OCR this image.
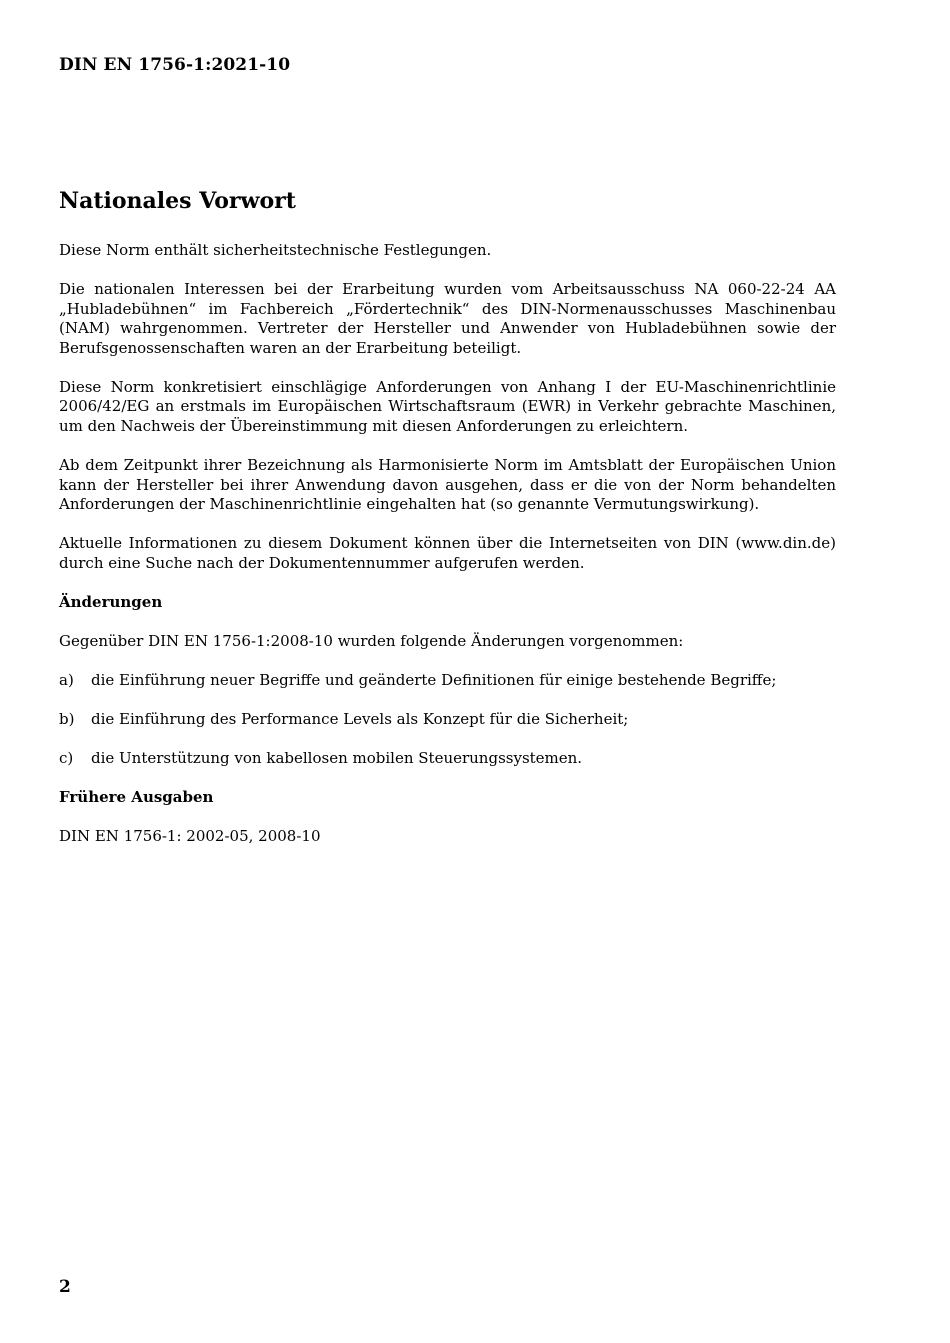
DIN EN 1756-1:2021-10
Nationales Vorwort

Diese Norm enthält sicherheitstechnische Festlegungen.

Die nationalen Interessen bei der Erarbeitung wurden vom Arbeitsausschuss NA 060-22-24 AA „Hubladebühnen“ im Fachbereich „Fördertechnik“ des DIN-Normenausschusses Maschinenbau (NAM) wahrgenommen. Vertreter der Hersteller und Anwender von Hubladebühnen sowie der Berufsgenossenschaften waren an der Erarbeitung beteiligt.

Diese Norm konkretisiert einschlägige Anforderungen von Anhang I der EU-Maschinenrichtlinie 2006/42/EG an erstmals im Europäischen Wirtschaftsraum (EWR) in Verkehr gebrachte Maschinen, um den Nachweis der Übereinstimmung mit diesen Anforderungen zu erleichtern.

Ab dem Zeitpunkt ihrer Bezeichnung als Harmonisierte Norm im Amtsblatt der Europäischen Union kann der Hersteller bei ihrer Anwendung davon ausgehen, dass er die von der Norm behandelten Anforderungen der Maschinenrichtlinie eingehalten hat (so genannte Vermutungswirkung).

Aktuelle Informationen zu diesem Dokument können über die Internetseiten von DIN (www.din.de) durch eine Suche nach der Dokumentennummer aufgerufen werden.

Änderungen

Gegenüber DIN EN 1756-1:2008-10 wurden folgende Änderungen vorgenommen:

a)	die Einführung neuer Begriffe und geänderte Definitionen für einige bestehende Begriffe;
b)	die Einführung des Performance Levels als Konzept für die Sicherheit;
c)	die Unterstützung von kabellosen mobilen Steuerungssystemen.
Frühere Ausgaben

DIN EN 1756-1: 2002-05, 2008-10

2
